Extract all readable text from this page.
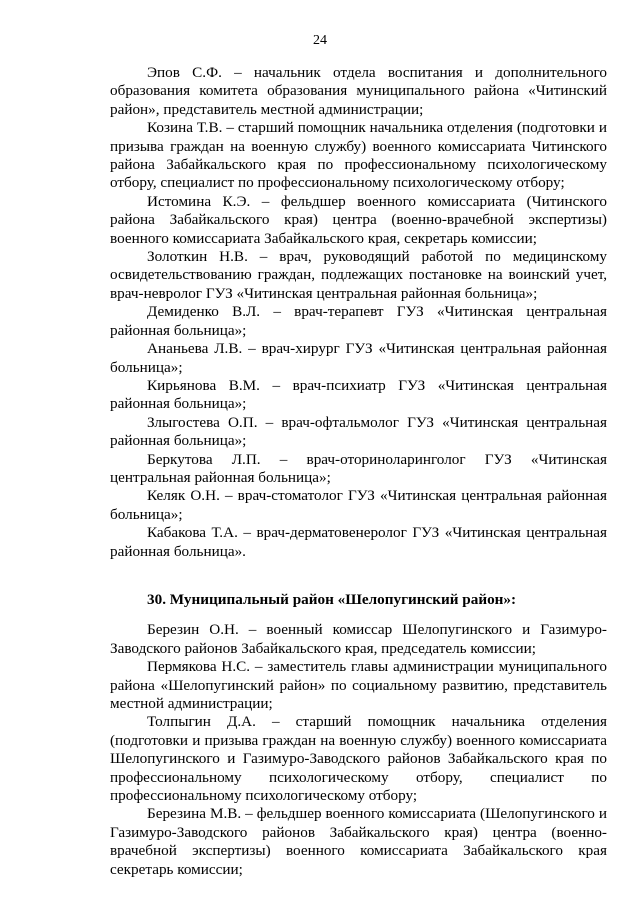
24

Эпов С.Ф. – начальник отдела воспитания и дополнительного образования комитета образования муниципального района «Читинский район», представитель местной администрации;

Козина Т.В. – старший помощник начальника отделения (подготовки и призыва граждан на военную службу) военного комиссариата Читинского района Забайкальского края по профессиональному психологическому отбору, специалист по профессиональному психологическому отбору;

Истомина К.Э. – фельдшер военного комиссариата (Читинского района Забайкальского края) центра (военно-врачебной экспертизы) военного комиссариата Забайкальского края, секретарь комиссии;

Золоткин Н.В. – врач, руководящий работой по медицинскому освидетельствованию граждан, подлежащих постановке на воинский учет, врач-невролог ГУЗ «Читинская центральная районная больница»;

Демиденко В.Л. – врач-терапевт ГУЗ «Читинская центральная районная больница»;

Ананьева Л.В. – врач-хирург ГУЗ «Читинская центральная районная больница»;

Кирьянова В.М. – врач-психиатр ГУЗ «Читинская центральная районная больница»;

Злыгостева О.П. – врач-офтальмолог ГУЗ «Читинская центральная районная больница»;

Беркутова Л.П. – врач-оториноларинголог ГУЗ «Читинская центральная районная больница»;

Келяк О.Н. – врач-стоматолог ГУЗ «Читинская центральная районная больница»;

Кабакова Т.А. – врач-дерматовенеролог ГУЗ «Читинская центральная районная больница».

30. Муниципальный район «Шелопугинский район»:

Березин О.Н. – военный комиссар Шелопугинского и Газимуро-Заводского районов Забайкальского края, председатель комиссии;

Пермякова Н.С. – заместитель главы администрации муниципального района «Шелопугинский район» по социальному развитию, представитель местной администрации;

Толпыгин Д.А. – старший помощник начальника отделения (подготовки и призыва граждан на военную службу) военного комиссариата Шелопугинского и Газимуро-Заводского районов Забайкальского края по профессиональному психологическому отбору, специалист по профессиональному психологическому отбору;

Березина М.В. – фельдшер военного комиссариата (Шелопугинского и Газимуро-Заводского районов Забайкальского края) центра (военно-врачебной экспертизы) военного комиссариата Забайкальского края секретарь комиссии;
